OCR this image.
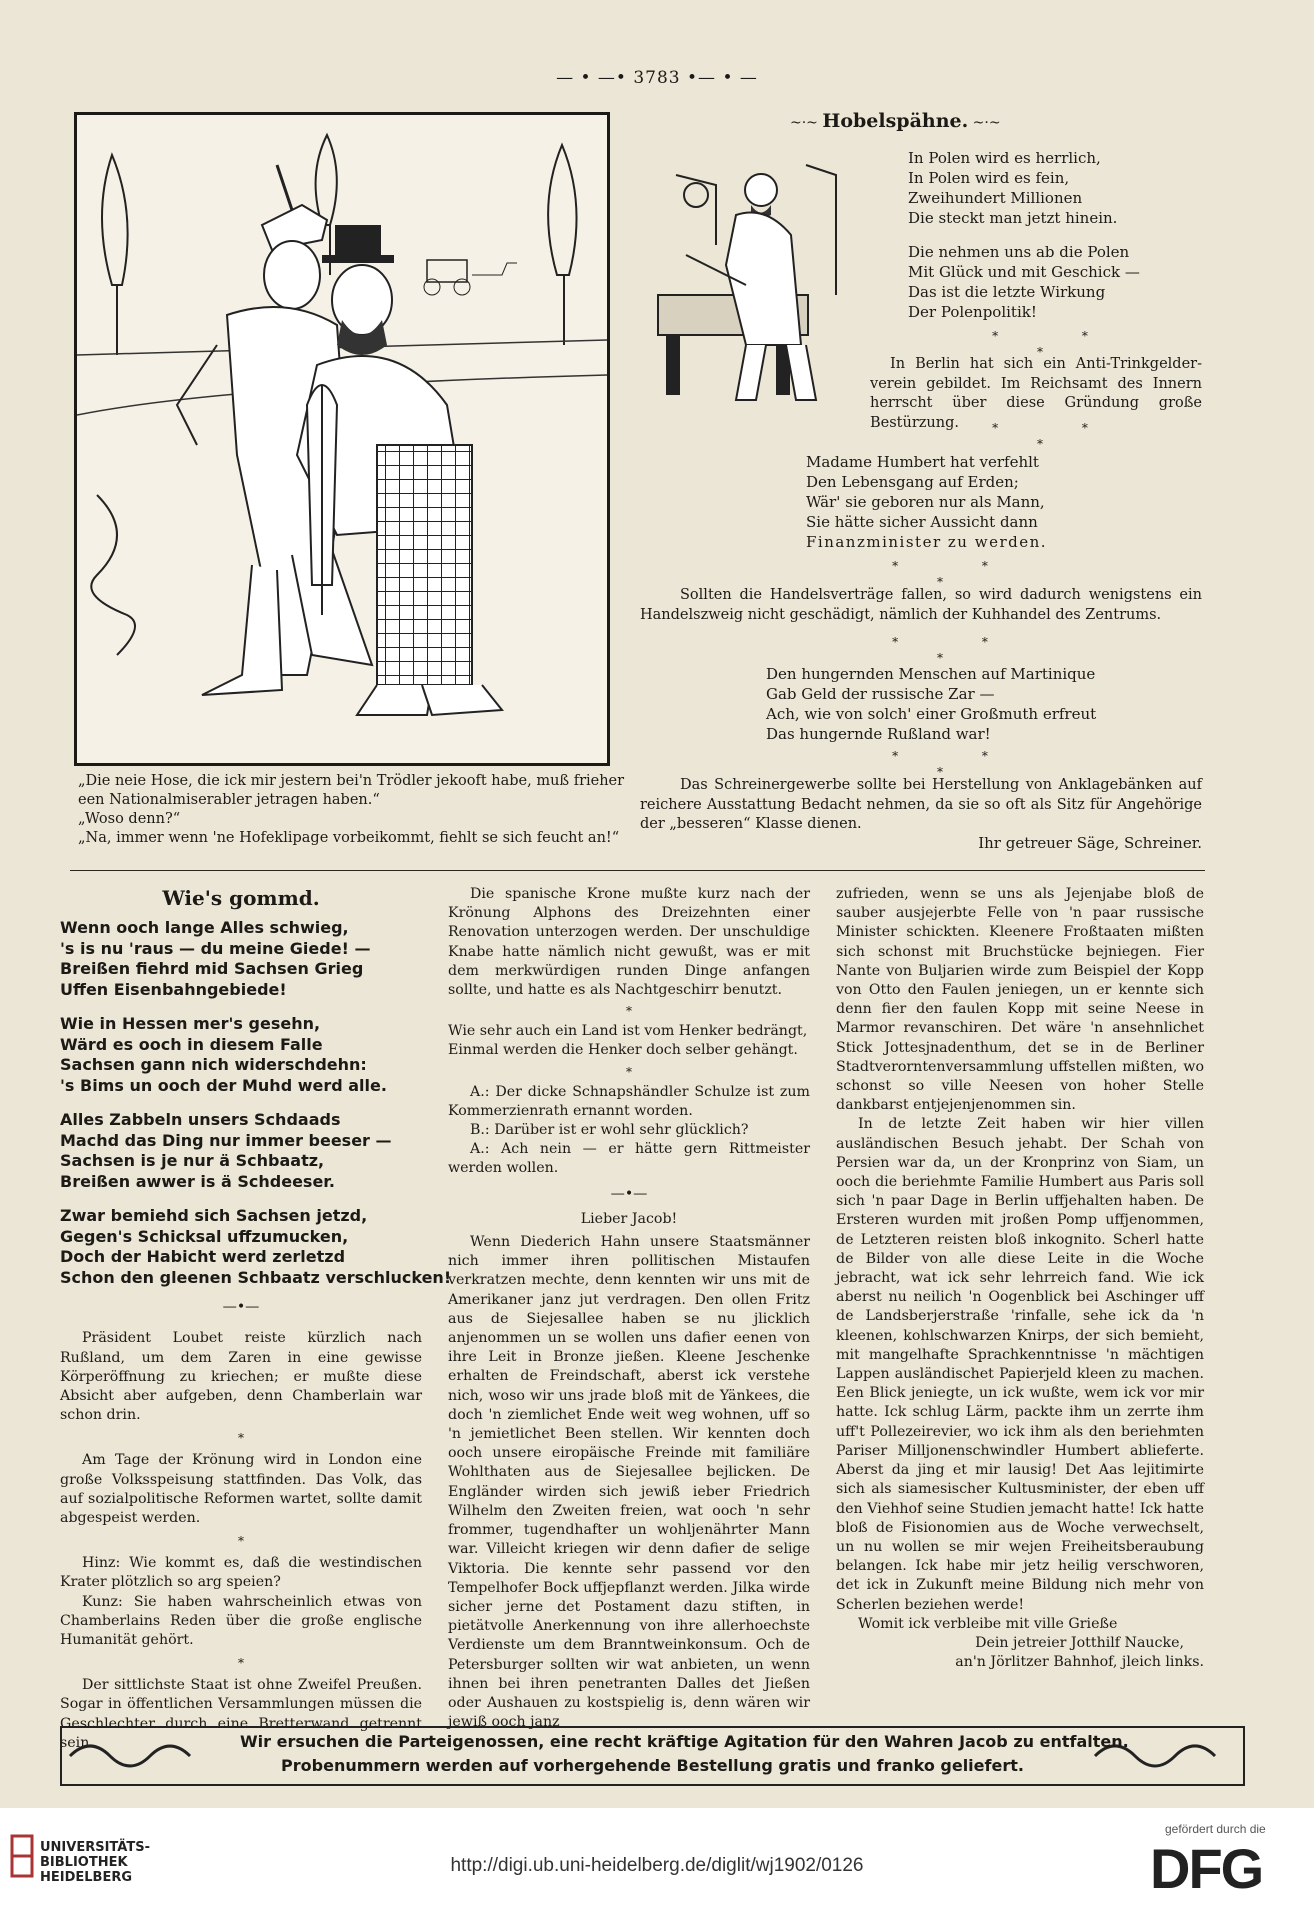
— • —• 3783 •— • —

„Die neie Hose, die ick mir jestern bei'n Trödler jekooft habe, muß frieher een Nationalmiserabler jetragen haben.“

„Woso denn?“

„Na, immer wenn 'ne Hofeklipage vorbeikommt, fiehlt se sich feucht an!“

~·~ Hobelspähne. ~·~
In Polen wird es herrlich,
In Polen wird es fein,
Zweihundert Millionen
Die steckt man jetzt hinein.
Die nehmen uns ab die Polen
Mit Glück und mit Geschick —
Das ist die letzte Wirkung
Der Polenpolitik!
* * *

In Berlin hat sich ein Anti-Trinkgelder-verein gebildet. Im Reichsamt des Innern herrscht über diese Gründung große Bestürzung.	* * *
Madame Humbert hat verfehlt
Den Lebensgang auf Erden;
Wär' sie geboren nur als Mann,
Sie hätte sicher Aussicht dann
Finanzminister zu werden.
* * *

Sollten die Handelsverträge fallen, so wird dadurch wenigstens ein Handelszweig nicht geschädigt, nämlich der Kuhhandel des Zentrums.

* * *
Den hungernden Menschen auf Martinique
Gab Geld der russische Zar —
Ach, wie von solch' einer Großmuth erfreut
Das hungernde Rußland war!
* * *

Das Schreinergewerbe sollte bei Herstellung von Anklagebänken auf reichere Ausstattung Bedacht nehmen, da sie so oft als Sitz für Angehörige der „besseren“ Klasse dienen.

Ihr getreuer Säge, Schreiner.
Wie's gommd.
Wenn ooch lange Alles schwieg,
's is nu 'raus — du meine Giede! —
Breißen fiehrd mid Sachsen Grieg
Uffen Eisenbahngebiede!
Wie in Hessen mer's gesehn,
Wärd es ooch in diesem Falle
Sachsen gann nich widerschdehn:
's Bims un ooch der Muhd werd alle.
Alles Zabbeln unsers Schdaads
Machd das Ding nur immer beeser —
Sachsen is je nur ä Schbaatz,
Breißen awwer is ä Schdeeser.
Zwar bemiehd sich Sachsen jetzd,
Gegen's Schicksal uffzumucken,
Doch der Habicht werd zerletzd
Schon den gleenen Schbaatz verschlucken!
—•—

Präsident Loubet reiste kürzlich nach Rußland, um dem Zaren in eine gewisse Körperöffnung zu kriechen; er mußte diese Absicht aber aufgeben, denn Chamberlain war schon drin.

*

Am Tage der Krönung wird in London eine große Volksspeisung stattfinden. Das Volk, das auf sozialpolitische Reformen wartet, sollte damit abgespeist werden.

*

Hinz: Wie kommt es, daß die westindischen Krater plötzlich so arg speien?

Kunz: Sie haben wahrscheinlich etwas von Chamberlains Reden über die große englische Humanität gehört.

*

Der sittlichste Staat ist ohne Zweifel Preußen. Sogar in öffentlichen Versammlungen müssen die Geschlechter durch eine Bretterwand getrennt sein.

Die spanische Krone mußte kurz nach der Krönung Alphons des Dreizehnten einer Renovation unterzogen werden. Der unschuldige Knabe hatte nämlich nicht gewußt, was er mit dem merkwürdigen runden Dinge anfangen sollte, und hatte es als Nachtgeschirr benutzt.

*
Wie sehr auch ein Land ist vom Henker bedrängt,
Einmal werden die Henker doch selber gehängt.
*

A.: Der dicke Schnapshändler Schulze ist zum Kommerzienrath ernannt worden.

B.: Darüber ist er wohl sehr glücklich?

A.: Ach nein — er hätte gern Rittmeister werden wollen.

—•—
Lieber Jacob!

Wenn Diederich Hahn unsere Staatsmänner nich immer ihren pollitischen Mistaufen verkratzen mechte, denn kennten wir uns mit de Amerikaner janz jut verdragen. Den ollen Fritz aus de Siejesallee haben se nu jlicklich anjenommen un se wollen uns dafier eenen von ihre Leit in Bronze jießen. Kleene Jeschenke erhalten de Freindschaft, aberst ick verstehe nich, woso wir uns jrade bloß mit de Yänkees, die doch 'n ziemlichet Ende weit weg wohnen, uff so 'n jemietlichet Been stellen. Wir kennten doch ooch unsere eiropäische Freinde mit familiäre Wohlthaten aus de Siejesallee bejlicken. De Engländer wirden sich jewiß ieber Friedrich Wilhelm den Zweiten freien, wat ooch 'n sehr frommer, tugendhafter un wohljenährter Mann war. Villeicht kriegen wir denn dafier de selige Viktoria. Die kennte sehr passend vor den Tempelhofer Bock uffjepflanzt werden. Jilka wirde sicher jerne det Postament dazu stiften, in pietätvolle Anerkennung von ihre allerhoechste Verdienste um dem Branntweinkonsum. Och de Petersburger sollten wir wat anbieten, un wenn ihnen bei ihren penetranten Dalles det Jießen oder Aushauen zu kostspielig is, denn wären wir jewiß ooch janz

zufrieden, wenn se uns als Jejenjabe bloß de sauber ausjejerbte Felle von 'n paar russische Minister schickten. Kleenere Froßtaaten mißten sich schonst mit Bruchstücke bejniegen. Fier Nante von Buljarien wirde zum Beispiel der Kopp von Otto den Faulen jeniegen, un er kennte sich denn fier den faulen Kopp mit seine Neese in Marmor revanschiren. Det wäre 'n ansehnlichet Stick Jottesjnadenthum, det se in de Berliner Stadtverorntenversammlung uffstellen mißten, wo schonst so ville Neesen von hoher Stelle dankbarst entjejenjenommen sin.

In de letzte Zeit haben wir hier villen ausländischen Besuch jehabt. Der Schah von Persien war da, un der Kronprinz von Siam, un ooch die beriehmte Familie Humbert aus Paris soll sich 'n paar Dage in Berlin uffjehalten haben. De Ersteren wurden mit jroßen Pomp uffjenommen, de Letzteren reisten bloß inkognito. Scherl hatte de Bilder von alle diese Leite in die Woche jebracht, wat ick sehr lehrreich fand. Wie ick aberst nu neilich 'n Oogenblick bei Aschinger uff de Landsberjerstraße 'rinfalle, sehe ick da 'n kleenen, kohlschwarzen Knirps, der sich bemieht, mit mangelhafte Sprachkenntnisse 'n mächtigen Lappen ausländischet Papierjeld kleen zu machen. Een Blick jeniegte, un ick wußte, wem ick vor mir hatte. Ick schlug Lärm, packte ihm un zerrte ihm uff't Pollezeirevier, wo ick ihm als den beriehmten Pariser Milljonenschwindler Humbert ablieferte. Aberst da jing et mir lausig! Det Aas lejitimirte sich als siamesischer Kultusminister, der eben uff den Viehhof seine Studien jemacht hatte! Ick hatte bloß de Fisionomien aus de Woche verwechselt, un nu wollen se mir wejen Freiheitsberaubung belangen. Ick habe mir jetz heilig verschworen, det ick in Zukunft meine Bildung nich mehr von Scherlen beziehen werde!

Womit ick verbleibe mit ville Grieße

Dein jetreier Jotthilf Naucke,
an'n Jörlitzer Bahnhof, jleich links.
Wir ersuchen die Parteigenossen, eine recht kräftige Agitation für den Wahren Jacob zu entfalten.
Probenummern werden auf vorhergehende Bestellung gratis und franko geliefert.
UNIVERSITÄTS-
BIBLIOTHEK
HEIDELBERG
http://digi.ub.uni-heidelberg.de/diglit/wj1902/0126
gefördert durch die
DFG
